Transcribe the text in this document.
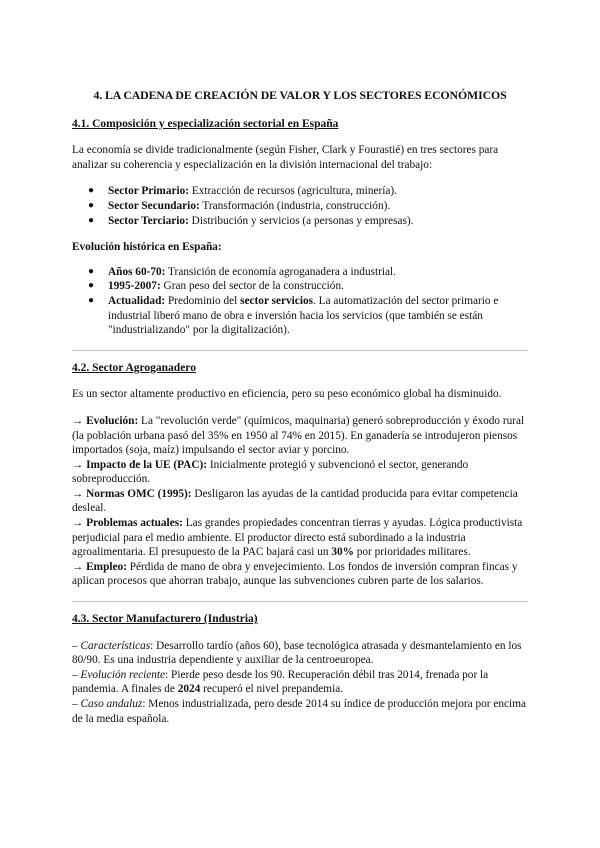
4. LA CADENA DE CREACIÓN DE VALOR Y LOS SECTORES ECONÓMICOS
4.1. Composición y especialización sectorial en España

La economía se divide tradicionalmente (según Fisher, Clark y Fourastié) en tres sectores para analizar su coherencia y especialización en la división internacional del trabajo:

● Sector Primario: Extracción de recursos (agricultura, minería).
● Sector Secundario: Transformación (industria, construcción).
● Sector Terciario: Distribución y servicios (a personas y empresas).
Evolución histórica en España:
● Años 60-70: Transición de economía agroganadera a industrial.
● 1995-2007: Gran peso del sector de la construcción.
● Actualidad: Predominio del sector servicios. La automatización del sector primario e industrial liberó mano de obra e inversión hacia los servicios (que también se están "industrializando" por la digitalización).
4.2. Sector Agroganadero

Es un sector altamente productivo en eficiencia, pero su peso económico global ha disminuido.

→ Evolución: La "revolución verde" (químicos, maquinaria) generó sobreproducción y éxodo rural (la población urbana pasó del 35% en 1950 al 74% en 2015). En ganadería se introdujeron piensos importados (soja, maíz) impulsando el sector aviar y porcino.
→ Impacto de la UE (PAC): Inicialmente protegió y subvencionó el sector, generando sobreproducción.
→ Normas OMC (1995): Desligaron las ayudas de la cantidad producida para evitar competencia desleal.
→ Problemas actuales: Las grandes propiedades concentran tierras y ayudas. Lógica productivista perjudicial para el medio ambiente. El productor directo está subordinado a la industria agroalimentaria. El presupuesto de la PAC bajará casi un 30% por prioridades militares.
→ Empleo: Pérdida de mano de obra y envejecimiento. Los fondos de inversión compran fincas y aplican procesos que ahorran trabajo, aunque las subvenciones cubren parte de los salarios.
4.3. Sector Manufacturero (Industria)
– Características: Desarrollo tardío (años 60), base tecnológica atrasada y desmantelamiento en los 80/90. Es una industria dependiente y auxiliar de la centroeuropea.
– Evolución reciente: Pierde peso desde los 90. Recuperación débil tras 2014, frenada por la pandemia. A finales de 2024 recuperó el nivel prepandemia.
– Caso andaluz: Menos industrializada, pero desde 2014 su índice de producción mejora por encima de la media española.
